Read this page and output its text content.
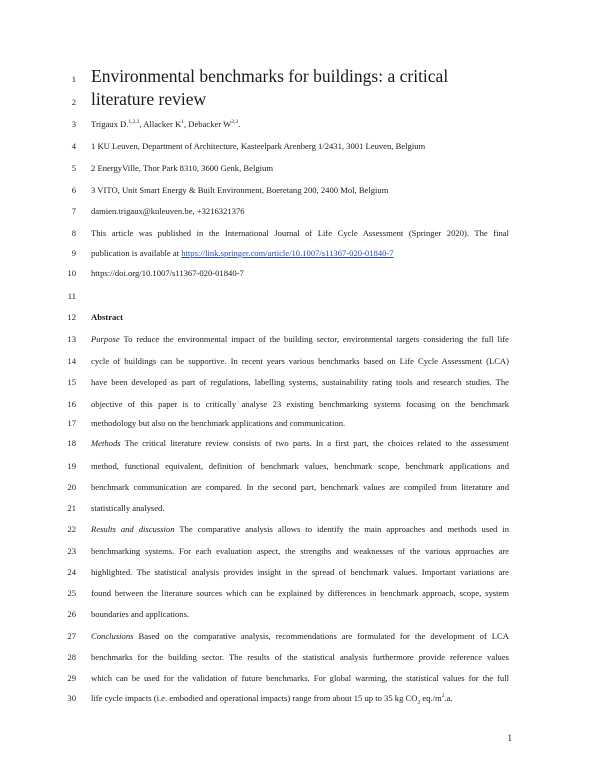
1 Environmental benchmarks for buildings: a critical
2 literature review
3 Trigaux D.$^{1,2,3}$, Allacker $K^1$, Debacker W$^{2,3}$.
4 1 KU Leuven, Department of Architecture, Kasteelpark Arenberg 1/2431, 3001 Leuven, Belgium
5 2 EnergyVille, Thor Park 8310, 3600 Genk, Belgium
6 3 VITO, Unit Smart Energy & Built Environment, Boeretang 200, 2400 Mol, Belgium
7 damien.trigaux@kuleuven.be, +3216321376
8 This article was published in the International Journal of Life Cycle Assessment (Springer 2020). The final
9 publication is available at https://link.springer.com/article/10.1007/s11367-020-01840-7
10 https://doi.org/10.1007/s11367-020-01840-7
11
12 Abstract
13 Purpose To reduce the environmental impact of the building sector, environmental targets considering the full life
14 cycle of buildings can be supportive. In recent years various benchmarks based on Life Cycle Assessment (LCA)
15 have been developed as part of regulations, labelling systems, sustainability rating tools and research studies. The
16 objective of this paper is to critically analyse 23 existing benchmarking systems focusing on the benchmark
17 methodology but also on the benchmark applications and communication.
18 Methods The critical literature review consists of two parts. In a first part, the choices related to the assessment
19 method, functional equivalent, definition of benchmark values, benchmark scope, benchmark applications and
20 benchmark communication are compared. In the second part, benchmark values are compiled from literature and
21 statistically analysed.
22 Results and discussion The comparative analysis allows to identify the main approaches and methods used in
23 benchmarking systems. For each evaluation aspect, the strengths and weaknesses of the various approaches are
24 highlighted. The statistical analysis provides insight in the spread of benchmark values. Important variations are
25 found between the literature sources which can be explained by differences in benchmark approach, scope, system
26 boundaries and applications.
27 Conclusions Based on the comparative analysis, recommendations are formulated for the development of LCA
28 benchmarks for the building sector. The results of the statistical analysis furthermore provide reference values
29 which can be used for the validation of future benchmarks. For global warming, the statistical values for the full
30 life cycle impacts (i.e. embodied and operational impacts) range from about 15 up to 35 kg $CO_2$ $eq./m^2.a$.
1
